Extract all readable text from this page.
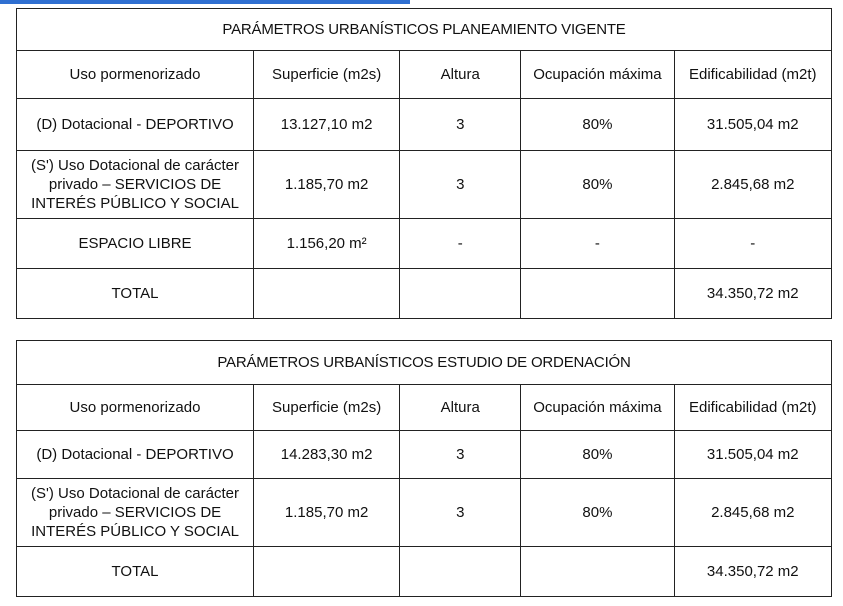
PARÁMETROS URBANÍSTICOS PLANEAMIENTO VIGENTE				
Uso pormenorizado	Superficie (m2s)	Altura	Ocupación máxima	Edificabilidad (m2t)
(D) Dotacional - DEPORTIVO	13.127,10 m2	3	80%	31.505,04 m2
(S') Uso Dotacional de carácter privado – SERVICIOS DE INTERÉS PÚBLICO Y SOCIAL	1.185,70 m2	3	80%	2.845,68 m2
ESPACIO LIBRE	1.156,20 m²	-	-	-
TOTAL				34.350,72 m2
PARÁMETROS URBANÍSTICOS ESTUDIO DE ORDENACIÓN				
Uso pormenorizado	Superficie (m2s)	Altura	Ocupación máxima	Edificabilidad (m2t)
(D) Dotacional - DEPORTIVO	14.283,30 m2	3	80%	31.505,04 m2
(S') Uso Dotacional de carácter privado – SERVICIOS DE INTERÉS PÚBLICO Y SOCIAL	1.185,70 m2	3	80%	2.845,68 m2
TOTAL				34.350,72 m2
